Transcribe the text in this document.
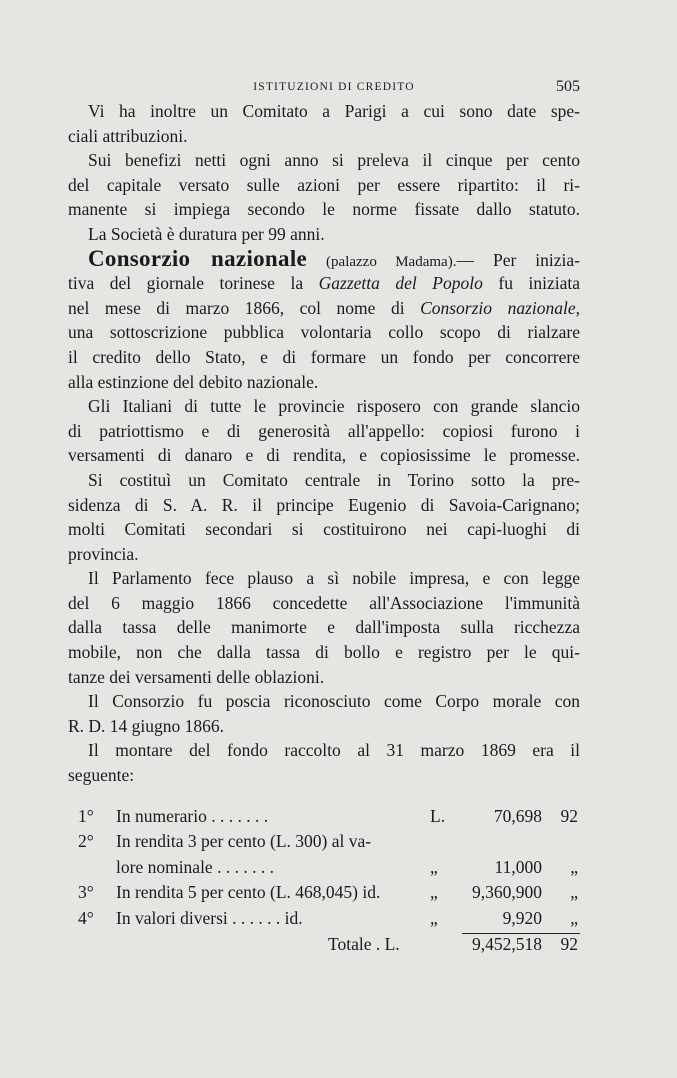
ISTITUZIONI DI CREDITO	5⁠05
Vi ha inoltre un Comitato a Parigi a cui sono date spe-
ciali attribuzioni.
Sui benefizi netti ogni anno si preleva il cinque per cento
del capitale versato sulle azioni per essere ripartito: il ri-
manente si impiega secondo le norme fissate dallo statuto.
La Società è duratura per 99 anni.
Consorzio nazionale (palazzo Madama).— Per inizia-
tiva del giornale torinese la Gazzetta del Popolo fu iniziata
nel mese di marzo 1866, col nome di Consorzio nazionale,
una sottoscrizione pubblica volontaria collo scopo di rialzare
il credito dello Stato, e di formare un fondo per concorrere
alla estinzione del debito nazionale.
Gli Italiani di tutte le provincie risposero con grande slancio
di patriottismo e di generosità all'appello: copiosi furono i
versamenti di danaro e di rendita, e copiosissime le promesse.
Si costituì un Comitato centrale in Torino sotto la pre-
sidenza di S. A. R. il principe Eugenio di Savoia-Carignano;
molti Comitati secondari si costituirono nei capi-luoghi di
provincia.
Il Parlamento fece plauso a sì nobile impresa, e con legge
del 6 maggio 1866 concedette all'Associazione l'immunità
dalla tassa delle manimorte e dall'imposta sulla ricchezza
mobile, non che dalla tassa di bollo e registro per le qui-
tanze dei versamenti delle oblazioni.
Il Consorzio fu poscia riconosciuto come Corpo morale con
R. D. 14 giugno 1866.
Il montare del fondo raccolto al 31 marzo 1869 era il
seguente:
1° In numerario . . . . . . .	L.	70,698 92
2° In rendita 3 per cento (L. 300) al va-
lore nominale . . . . . . .	„	11,000 „
3° In rendita 5 per cento (L. 468,045) id.	„ 9,360,900 „
4° In valori diversi . . . . . . id.	„	9,920 „
Totale . L.	9,452,518 92
